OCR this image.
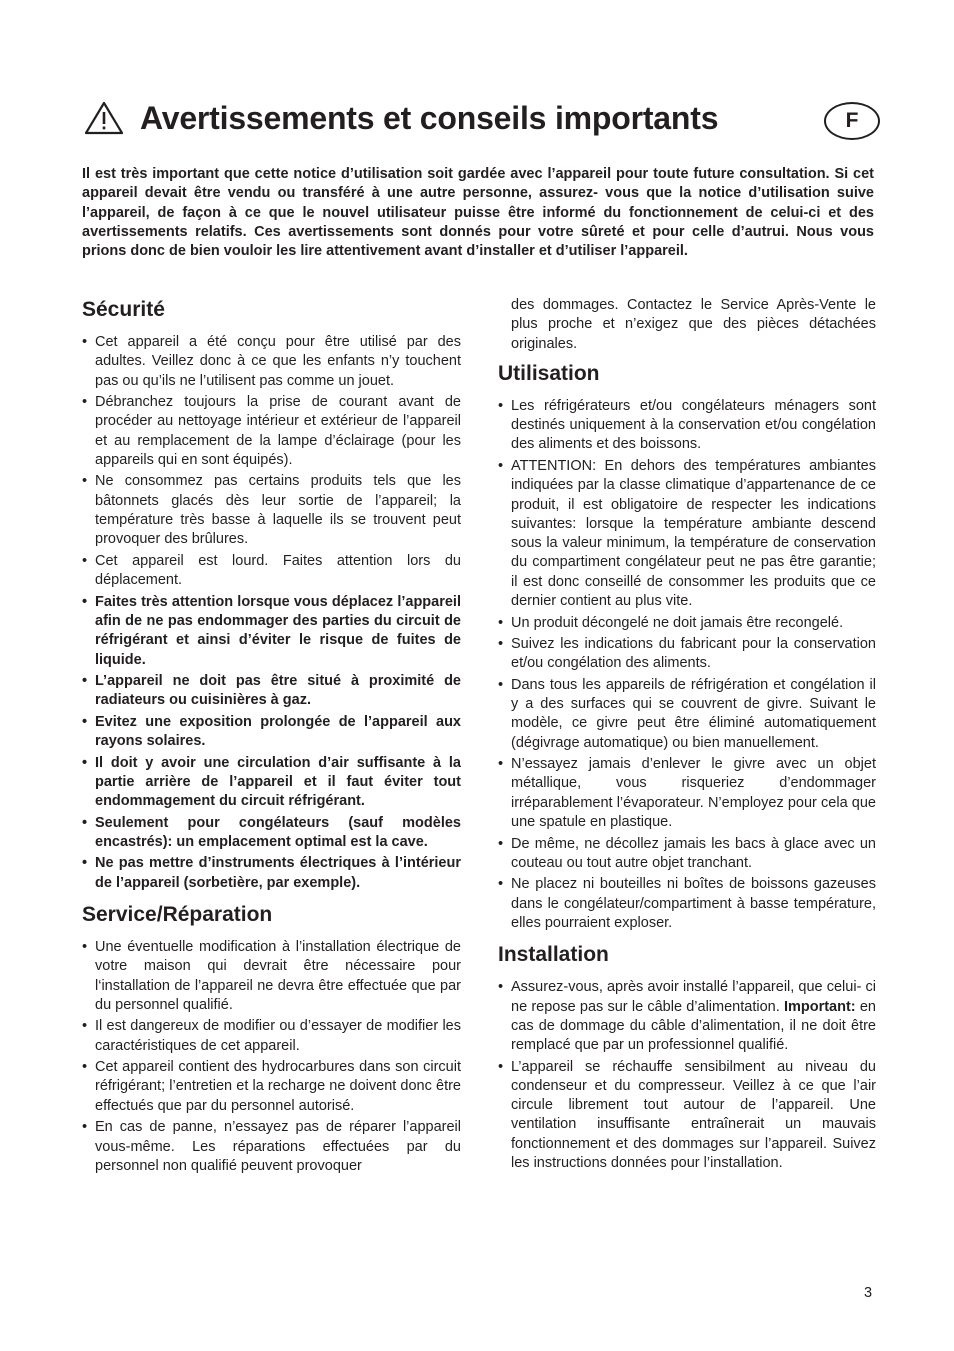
Avertissements et conseils importants	F

Il est très important que cette notice d’utilisation soit gardée avec l’appareil pour toute future consultation. Si cet appareil devait être vendu ou transféré à une autre personne, assurez- vous que la notice d’utilisation suive l’appareil, de façon à ce que le nouvel utilisateur puisse être informé du fonctionnement de celui-ci et des avertissements relatifs. Ces avertissements sont donnés pour votre sûreté et pour celle d’autrui. Nous vous prions donc de bien vouloir les lire attentivement avant d’installer et d’utiliser l’appareil.

Sécurité
• Cet appareil a été conçu pour être utilisé par des adultes. Veillez donc à ce que les enfants n’y touchent pas ou qu’ils ne l’utilisent pas comme un jouet.
• Débranchez toujours la prise de courant avant de procéder au nettoyage intérieur et extérieur de l’appareil et au remplacement de la lampe d’éclairage (pour les appareils qui en sont équipés).
• Ne consommez pas certains produits tels que les bâtonnets glacés dès leur sortie de l’appareil; la température très basse à laquelle ils se trouvent peut provoquer des brûlures.
• Cet appareil est lourd. Faites attention lors du déplacement.
• Faites très attention lorsque vous déplacez l’appareil afin de ne pas endommager des parties du circuit de réfrigérant et ainsi d’éviter le risque de fuites de liquide.
• L’appareil ne doit pas être situé à proximité de radiateurs ou cuisinières à gaz.
• Evitez une exposition prolongée de l’appareil aux rayons solaires.
• Il doit y avoir une circulation d’air suffisante à la partie arrière de l’appareil et il faut éviter tout endommagement du circuit réfrigérant.
• Seulement pour congélateurs (sauf modèles encastrés): un emplacement optimal est la cave.
• Ne pas mettre d’instruments électriques à l’intérieur de l’appareil (sorbetière, par exemple).
Service/Réparation
• Une éventuelle modification à l’installation électrique de votre maison qui devrait être nécessaire pour l‘installation de l’appareil ne devra être effectuée que par du personnel qualifié.
• Il est dangereux de modifier ou d’essayer de modifier les caractéristiques de cet appareil.
• Cet appareil contient des hydrocarbures dans son circuit réfrigérant; l’entretien et la recharge ne doivent donc être effectués que par du personnel autorisé.
• En cas de panne, n’essayez pas de réparer l’appareil vous-même. Les réparations effectuées par du personnel non qualifié peuvent provoquer

des dommages. Contactez le Service Après-Vente le plus proche et n’exigez que des pièces détachées originales.

Utilisation
• Les réfrigérateurs et/ou congélateurs ménagers sont destinés uniquement à la conservation et/ou congélation des aliments et des boissons.
• ATTENTION: En dehors des températures ambiantes indiquées par la classe climatique d’appartenance de ce produit, il est obligatoire de respecter les indications suivantes: lorsque la température ambiante descend sous la valeur minimum, la température de conservation du compartiment congélateur peut ne pas être garantie; il est donc conseillé de consommer les produits que ce dernier contient au plus vite.
• Un produit décongelé ne doit jamais être recongelé.
• Suivez les indications du fabricant pour la conservation et/ou congélation des aliments.
• Dans tous les appareils de réfrigération et congélation il y a des surfaces qui se couvrent de givre. Suivant le modèle, ce givre peut être éliminé automatiquement (dégivrage automatique) ou bien manuellement.
• N’essayez jamais d’enlever le givre avec un objet métallique, vous risqueriez d’endommager irréparablement l’évaporateur. N’employez pour cela que une spatule en plastique.
• De même, ne décollez jamais les bacs à glace avec un couteau ou tout autre objet tranchant.
• Ne placez ni bouteilles ni boîtes de boissons gazeuses dans le congélateur/compartiment à basse température, elles pourraient exploser.
Installation
• Assurez-vous, après avoir installé l’appareil, que celui- ci ne repose pas sur le câble d’alimentation. Important: en cas de dommage du câble d’alimentation, il ne doit être remplacé que par un professionnel qualifié.
• L’appareil se réchauffe sensibilment au niveau du condenseur et du compresseur. Veillez à ce que l’air circule librement tout autour de l’appareil. Une ventilation insuffisante entraînerait un mauvais fonctionnement et des dommages sur l’appareil. Suivez les instructions données pour l’installation.

3
